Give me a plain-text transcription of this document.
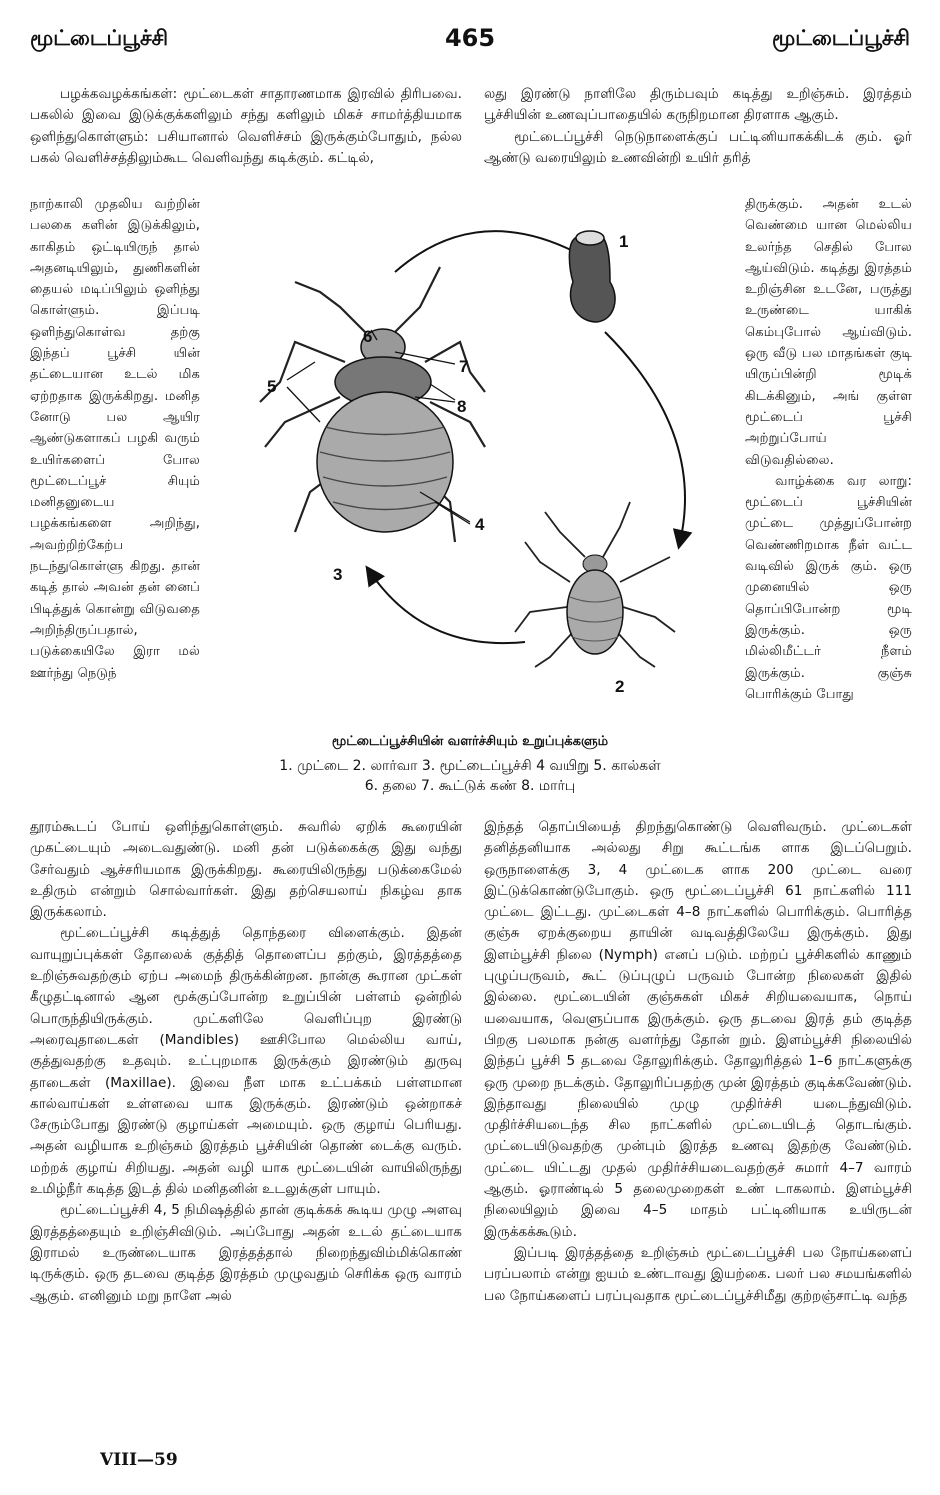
மூட்டைப்பூச்சி	465	மூட்டைப்பூச்சி

பழக்கவழக்கங்கள்: மூட்டைகள் சாதாரணமாக இரவில் திரிபவை. பகலில் இவை இடுக்குக்களிலும் சந்து களிலும் மிகச் சாமர்த்தியமாக ஒளிந்துகொள்ளும்: பசியானால் வெளிச்சம் இருக்கும்போதும், நல்ல பகல் வெளிச்சத்திலும்கூட வெளிவந்து கடிக்கும். கட்டில்,

லது இரண்டு நாளிலே திரும்பவும் கடித்து உறிஞ்சும். இரத்தம் பூச்சியின் உணவுப்பாதையில் கருநிறமான திரளாக ஆகும்.

மூட்டைப்பூச்சி நெடுநாளைக்குப் பட்டினியாகக்கிடக் கும். ஓர் ஆண்டு வரையிலும் உணவின்றி உயிர் தரித்

நாற்காலி முதலிய வற்றின் பலகை களின் இடுக்கிலும், காகிதம் ஒட்டியிருந் தால் அதனடியிலும், துணிகளின் தையல் மடிப்பிலும் ஒளிந்து கொள்ளும். இப்படி ஒளிந்துகொள்வ தற்கு இந்தப் பூச்சி யின் தட்டையான உடல் மிக ஏற்றதாக இருக்கிறது. மனித னோடு பல ஆயிர ஆண்டுகளாகப் பழகி வரும் உயிர்களைப் போல மூட்டைப்பூச் சியும் மனிதனுடைய பழக்கங்களை அறிந்து, அவற்றிற்கேற்ப நடந்துகொள்ளு கிறது. தான் கடித் தால் அவன் தன் னைப் பிடித்துக் கொன்று விடுவதை அறிந்திருப்பதால், படுக்கையிலே இரா மல் ஊர்ந்து நெடுந்

திருக்கும். அதன் உடல் வெண்மை யான மெல்லிய உலர்ந்த செதில் போல ஆய்விடும். கடித்து இரத்தம் உறிஞ்சின உடனே, பருத்து உருண்டை யாகிக் கெம்புபோல் ஆய்விடும். ஒரு வீடு பல மாதங்கள் குடி யிருப்பின்றி மூடிக் கிடக்கினும், அங் குள்ள மூட்டைப் பூச்சி அற்றுப்போய் விடுவதில்லை.

வாழ்க்கை வர லாறு: மூட்டைப் பூச்சியின் முட்டை முத்துப்போன்ற வெண்ணிறமாக நீள் வட்ட வடிவில் இருக் கும். ஒரு முனையில் ஒரு தொப்பிபோன்ற மூடி இருக்கும். ஒரு மில்லிமீட்டர் நீளம் இருக்கும். குஞ்சு பொரிக்கும் போது

1
2
3
4
5
6
7
8
மூட்டைப்பூச்சியின் வளர்ச்சியும் உறுப்புக்களும்
1. முட்டை 2. லார்வா 3. மூட்டைப்பூச்சி 4 வயிறு 5. கால்கள்
6. தலை 7. கூட்டுக் கண் 8. மார்பு

தூரம்கூடப் போய் ஒளிந்துகொள்ளும். சுவரில் ஏறிக் கூரையின் முகட்டையும் அடைவதுண்டு. மனி தன் படுக்கைக்கு இது வந்து சேர்வதும் ஆச்சரியமாக இருக்கிறது. கூரையிலிருந்து படுக்கைமேல் உதிரும் என்றும் சொல்வார்கள். இது தற்செயலாய் நிகழ்வ தாக இருக்கலாம்.

மூட்டைப்பூச்சி கடித்துத் தொந்தரை விளைக்கும். இதன் வாயுறுப்புக்கள் தோலைக் குத்தித் தொளைப்ப தற்கும், இரத்தத்தை உறிஞ்சுவதற்கும் ஏற்ப அமைந் திருக்கின்றன. நான்கு கூரான முட்கள் கீழுதட்டினால் ஆன மூக்குப்போன்ற உறுப்பின் பள்ளம் ஒன்றில் பொருந்தியிருக்கும். முட்களிலே வெளிப்புற இரண்டு அரைவுதாடைகள் (Mandibles) ஊசிபோல மெல்லிய வாய், குத்துவதற்கு உதவும். உட்புறமாக இருக்கும் இரண்டும் துருவு தாடைகள் (Maxillae). இவை நீள மாக உட்பக்கம் பள்ளமான கால்வாய்கள் உள்ளவை யாக இருக்கும். இரண்டும் ஒன்றாகச் சேரும்போது இரண்டு குழாய்கள் அமையும். ஒரு குழாய் பெரியது. அதன் வழியாக உறிஞ்சும் இரத்தம் பூச்சியின் தொண் டைக்கு வரும். மற்றக் குழாய் சிறியது. அதன் வழி யாக மூட்டையின் வாயிலிருந்து உமிழ்நீர் கடித்த இடத் தில் மனிதனின் உடலுக்குள் பாயும்.

மூட்டைப்பூச்சி 4, 5 நிமிஷத்தில் தான் குடிக்கக் கூடிய முழு அளவு இரத்தத்தையும் உறிஞ்சிவிடும். அப்போது அதன் உடல் தட்டையாக இராமல் உருண்டையாக இரத்தத்தால் நிறைந்துவிம்மிக்கொண் டிருக்கும். ஒரு தடவை குடித்த இரத்தம் முழுவதும் செரிக்க ஒரு வாரம் ஆகும். எனினும் மறு நாளே அல்

இந்தத் தொப்பியைத் திறந்துகொண்டு வெளிவரும். முட்டைகள் தனித்தனியாக அல்லது சிறு கூட்டங்க ளாக இடப்பெறும். ஒருநாளைக்கு 3, 4 முட்டைக ளாக 200 முட்டை வரை இட்டுக்கொண்டுபோகும். ஒரு மூட்டைப்பூச்சி 61 நாட்களில் 111 முட்டை இட்டது. முட்டைகள் 4–8 நாட்களில் பொரிக்கும். பொரித்த குஞ்சு ஏறக்குறைய தாயின் வடிவத்திலேயே இருக்கும். இது இளம்பூச்சி நிலை (Nymph) எனப் படும். மற்றப் பூச்சிகளில் காணும் புழுப்பருவம், கூட் டுப்புழுப் பருவம் போன்ற நிலைகள் இதில் இல்லை. மூட்டையின் குஞ்சுகள் மிகச் சிறியவையாக, நொய் யவையாக, வெளுப்பாக இருக்கும். ஒரு தடவை இரத் தம் குடித்த பிறகு பலமாக நன்கு வளர்ந்து தோன் றும். இளம்பூச்சி நிலையில் இந்தப் பூச்சி 5 தடவை தோலுரிக்கும். தோலுரித்தல் 1–6 நாட்களுக்கு ஒரு முறை நடக்கும். தோலுரிப்பதற்கு முன் இரத்தம் குடிக்கவேண்டும். இந்தாவது நிலையில் முழு முதிர்ச்சி யடைந்துவிடும். முதிர்ச்சியடைந்த சில நாட்களில் முட்டையிடத் தொடங்கும். முட்டையிடுவதற்கு முன்பும் இரத்த உணவு இதற்கு வேண்டும். முட்டை யிட்டது முதல் முதிர்ச்சியடைவதற்குச் சுமார் 4–7 வாரம் ஆகும். ஓராண்டில் 5 தலைமுறைகள் உண் டாகலாம். இளம்பூச்சி நிலையிலும் இவை 4–5 மாதம் பட்டினியாக உயிருடன் இருக்கக்கூடும்.

இப்படி இரத்தத்தை உறிஞ்சும் மூட்டைப்பூச்சி பல நோய்களைப் பரப்பலாம் என்று ஐயம் உண்டாவது இயற்கை. பலர் பல சமயங்களில் பல நோய்களைப் பரப்புவதாக மூட்டைப்பூச்சிமீது குற்றஞ்சாட்டி வந்த

VIII—59
